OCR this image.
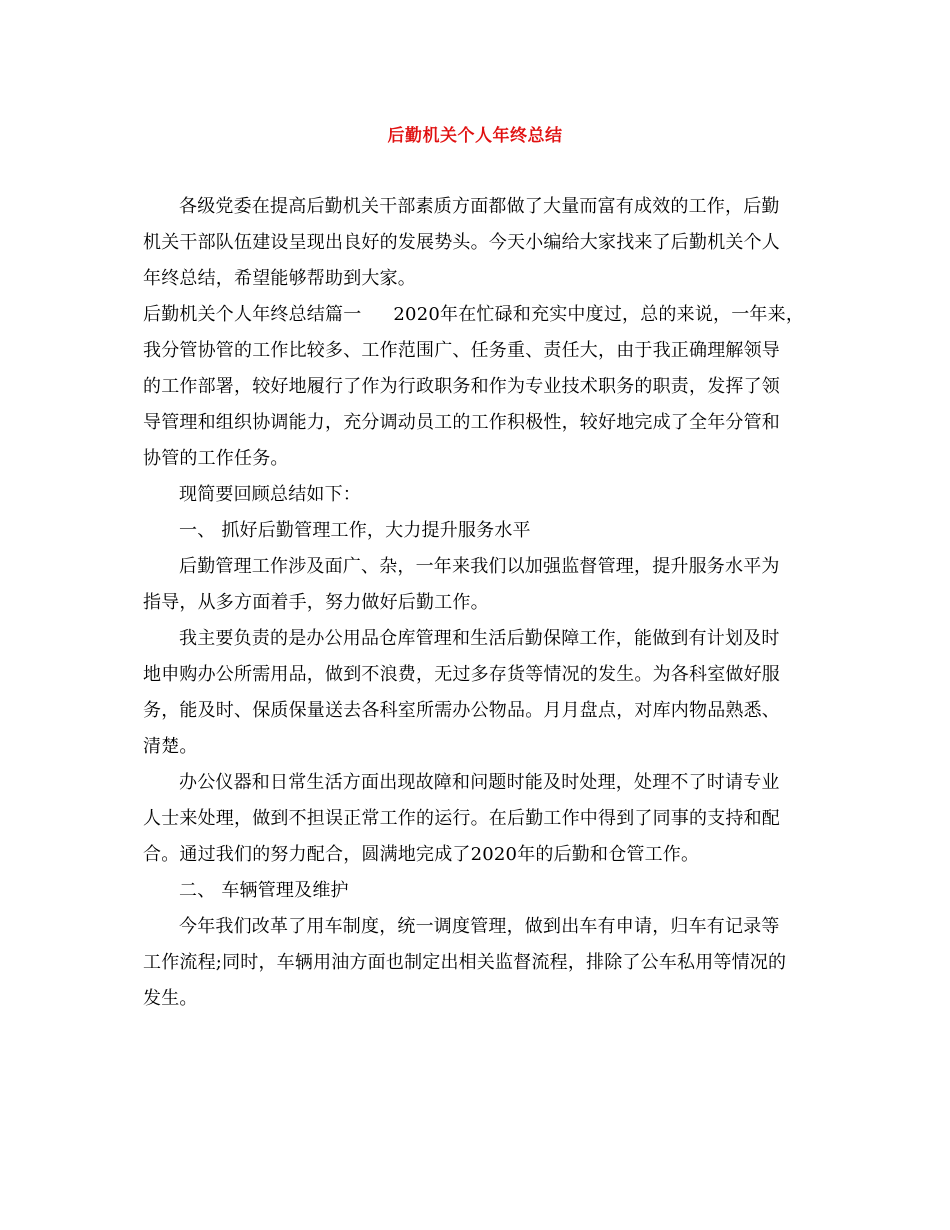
后勤机关个人年终总结
各级党委在提高后勤机关干部素质方面都做了大量而富有成效的工作，后勤
机关干部队伍建设呈现出良好的发展势头。今天小编给大家找来了后勤机关个人
年终总结，希望能够帮助到大家。
后勤机关个人年终总结篇一 2020年在忙碌和充实中度过，总的来说，一年来，
我分管协管的工作比较多、工作范围广、任务重、责任大，由于我正确理解领导
的工作部署，较好地履行了作为行政职务和作为专业技术职务的职责，发挥了领
导管理和组织协调能力，充分调动员工的工作积极性，较好地完成了全年分管和
协管的工作任务。
现简要回顾总结如下：
一、 抓好后勤管理工作，大力提升服务水平
后勤管理工作涉及面广、杂，一年来我们以加强监督管理，提升服务水平为
指导，从多方面着手，努力做好后勤工作。
我主要负责的是办公用品仓库管理和生活后勤保障工作，能做到有计划及时
地申购办公所需用品，做到不浪费，无过多存货等情况的发生。为各科室做好服
务，能及时、保质保量送去各科室所需办公物品。月月盘点，对库内物品熟悉、
清楚。
办公仪器和日常生活方面出现故障和问题时能及时处理，处理不了时请专业
人士来处理，做到不担误正常工作的运行。在后勤工作中得到了同事的支持和配
合。通过我们的努力配合，圆满地完成了2020年的后勤和仓管工作。
二、 车辆管理及维护
今年我们改革了用车制度，统一调度管理，做到出车有申请，归车有记录等
工作流程;同时，车辆用油方面也制定出相关监督流程，排除了公车私用等情况的
发生。
